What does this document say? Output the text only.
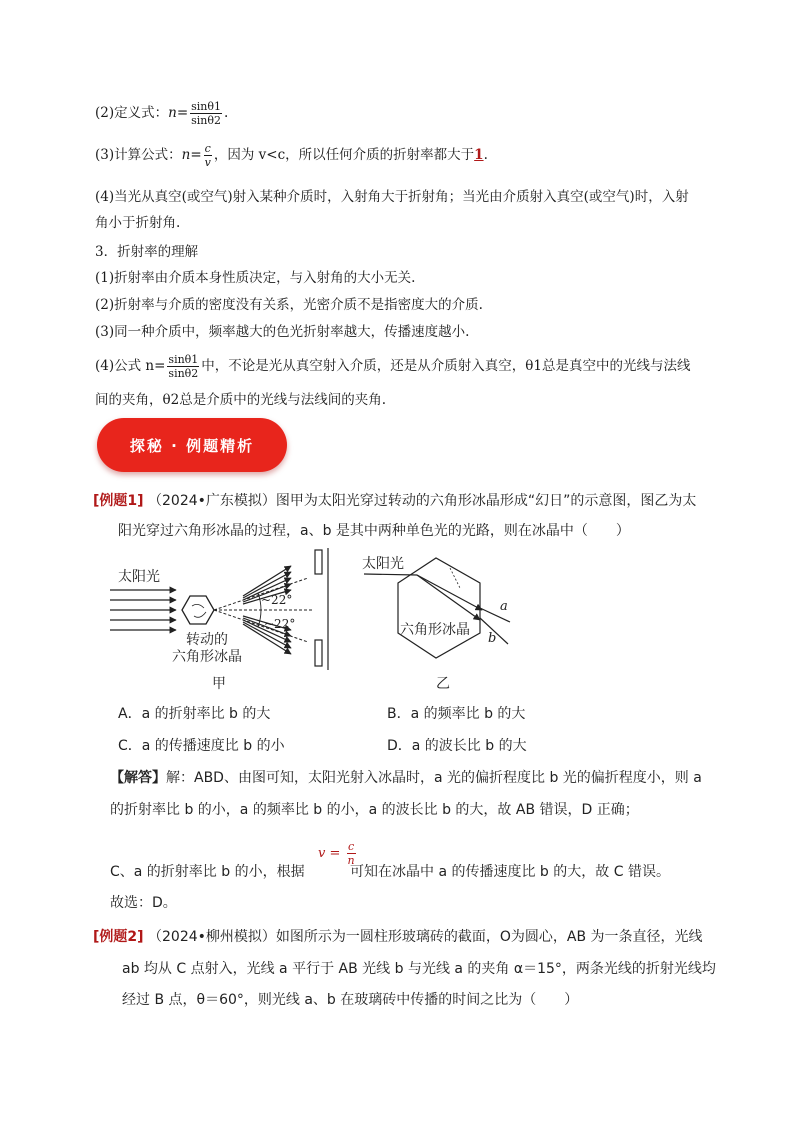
(2)定义式：$n= \frac{\sin\theta 1}{\sin\theta 2}$ .
(3)计算公式：$n= \frac{c}{v}$ ，因为 v<c，所以任何介质的折射率都大于1.
(4)当光从真空(或空气)射入某种介质时，入射角大于折射角；当光由介质射入真空(或空气)时，入射
角小于折射角.
3．折射率的理解
(1)折射率由介质本身性质决定，与入射角的大小无关.
(2)折射率与介质的密度没有关系，光密介质不是指密度大的介质.
(3)同一种介质中，频率越大的色光折射率越大，传播速度越小.
(4)公式 $n= \frac{\sin\theta 1}{\sin\theta 2}$ 中，不论是光从真空射入介质，还是从介质射入真空，θ1总是真空中的光线与法线
间的夹角，θ2总是介质中的光线与法线间的夹角.
探秘 · 例题精析
[例题1] （2024•广东模拟）图甲为太阳光穿过转动的六角形冰晶形成“幻日”的示意图，图乙为太
阳光穿过六角形冰晶的过程，a、b 是其中两种单色光的光路，则在冰晶中（　　）
太阳光
~22°
~22°
转动的
六角形冰晶
甲
太阳光
a
b
六角形冰晶
乙
A．a 的折射率比 b 的大	B．a 的频率比 b 的大
C．a 的传播速度比 b 的小	D．a 的波长比 b 的大
【解答】解：ABD、由图可知，太阳光射入冰晶时，a 光的偏折程度比 b 光的偏折程度小，则 a
的折射率比 b 的小，a 的频率比 b 的小，a 的波长比 b 的大，故 AB 错误，D 正确；
C、a 的折射率比 b 的小，根据
$v = \frac{c}{n}$
可知在冰晶中 a 的传播速度比 b 的大，故 C 错误。
故选：D。
[例题2] （2024•柳州模拟）如图所示为一圆柱形玻璃砖的截面，O为圆心，AB 为一条直径，光线
ab 均从 C 点射入，光线 a 平行于 AB 光线 b 与光线 a 的夹角 α＝15°，两条光线的折射光线均
经过 B 点，θ＝60°，则光线 a、b 在玻璃砖中传播的时间之比为（　　）
